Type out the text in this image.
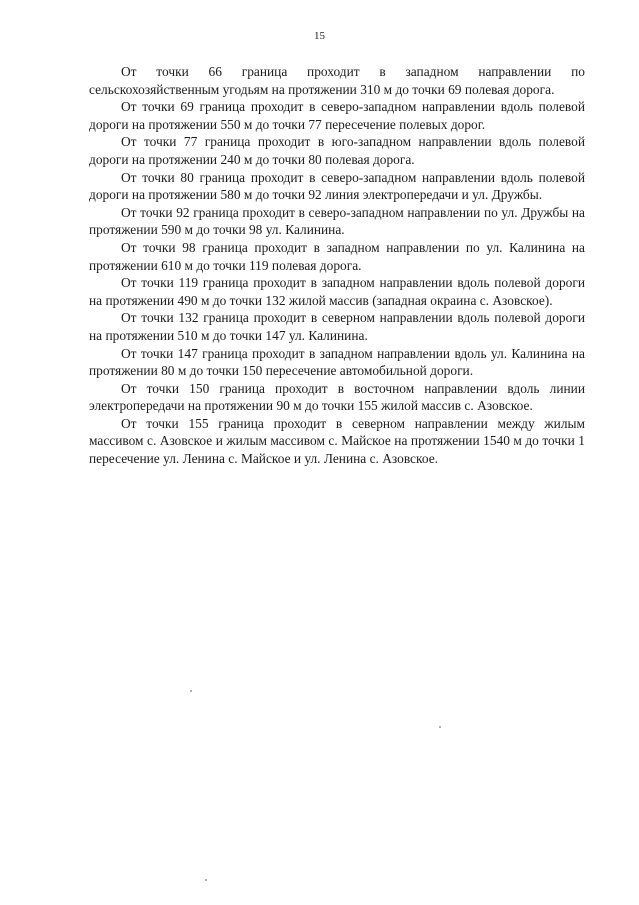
15

От точки 66 граница проходит в западном направлении по сельскохозяйственным угодьям на протяжении 310 м до точки 69 полевая дорога.

От точки 69 граница проходит в северо-западном направлении вдоль полевой дороги на протяжении 550 м до точки 77 пересечение полевых дорог.

От точки 77 граница проходит в юго-западном направлении вдоль полевой дороги на протяжении 240 м до точки 80 полевая дорога.

От точки 80 граница проходит в северо-западном направлении вдоль полевой дороги на протяжении 580 м до точки 92 линия электропередачи и ул. Дружбы.

От точки 92 граница проходит в северо-западном направлении по ул. Дружбы на протяжении 590 м до точки 98 ул. Калинина.

От точки 98 граница проходит в западном направлении по ул. Калинина на протяжении 610 м до точки 119 полевая дорога.

От точки 119 граница проходит в западном направлении вдоль полевой дороги на протяжении 490 м до точки 132 жилой массив (западная окраина с. Азовское).

От точки 132 граница проходит в северном направлении вдоль полевой дороги на протяжении 510 м до точки 147 ул. Калинина.

От точки 147 граница проходит в западном направлении вдоль ул. Калинина на протяжении 80 м до точки 150 пересечение автомобильной дороги.

От точки 150 граница проходит в восточном направлении вдоль линии электропередачи на протяжении 90 м до точки 155 жилой массив с. Азовское.

От точки 155 граница проходит в северном направлении между жилым массивом с. Азовское и жилым массивом с. Майское на протяжении 1540 м до точки 1 пересечение ул. Ленина с. Майское и ул. Ленина с. Азовское.
